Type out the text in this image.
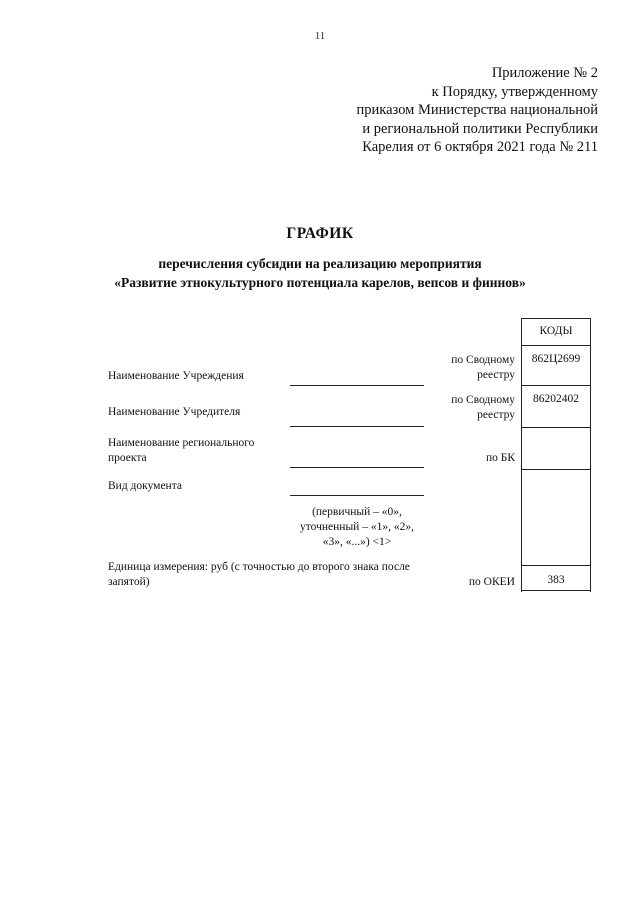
11
Приложение № 2
к Порядку, утвержденному
приказом Министерства национальной
и региональной политики Республики
Карелия от 6 октября 2021 года № 211
ГРАФИК
перечисления субсидии на реализацию мероприятия
«Развитие этнокультурного потенциала карелов, вепсов и финнов»
Наименование Учреждения
Наименование Учредителя
Наименование регионального
проекта
Вид документа
(первичный – «0»,
уточненный – «1», «2»,
«3», «...») <1>
Единица измерения: руб (с точностью до второго знака после
запятой)
по Сводному
реестру
по Сводному
реестру
по БК
по ОКЕИ
КОДЫ
862Ц2699
86202402
383
